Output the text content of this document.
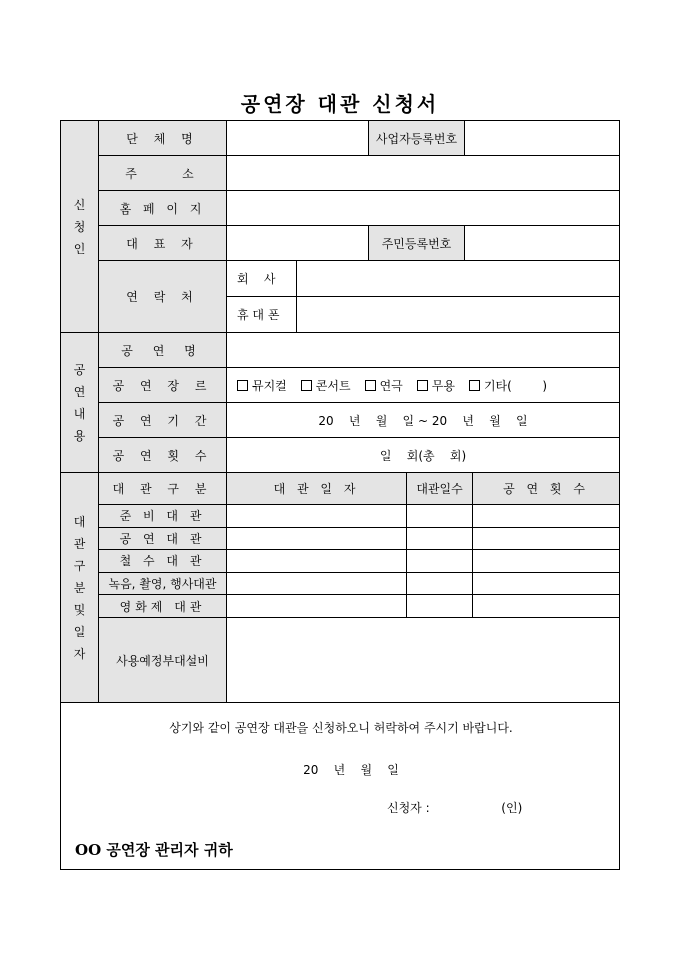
공연장 대관 신청서
신
청
인
단 체 명	사업자등록번호
주    소
홈 페 이 지
대 표 자	주민등록번호
연 락 처
회    사
휴 대 폰
공
연
내
용
공 연 명
공 연 장 르	뮤지컬	콘서트	연극	무용	기타(        )
공 연 기 간	20    년    월    일 ~ 20    년    월    일
공 연 횟 수	일    회(총    회)
대
관
구
분
및
일
자
대 관 구 분	대 관 일 자	대관일수	공 연 횟 수
준 비 대 관
공 연 대 관
철 수 대 관
녹음, 촬영, 행사대관
영화제 대관
사용예정부대설비
상기와 같이 공연장 대관을 신청하오니 허락하여 주시기 바랍니다.
20    년    월    일
신청자 :	(인)
OO 공연장 관리자 귀하
